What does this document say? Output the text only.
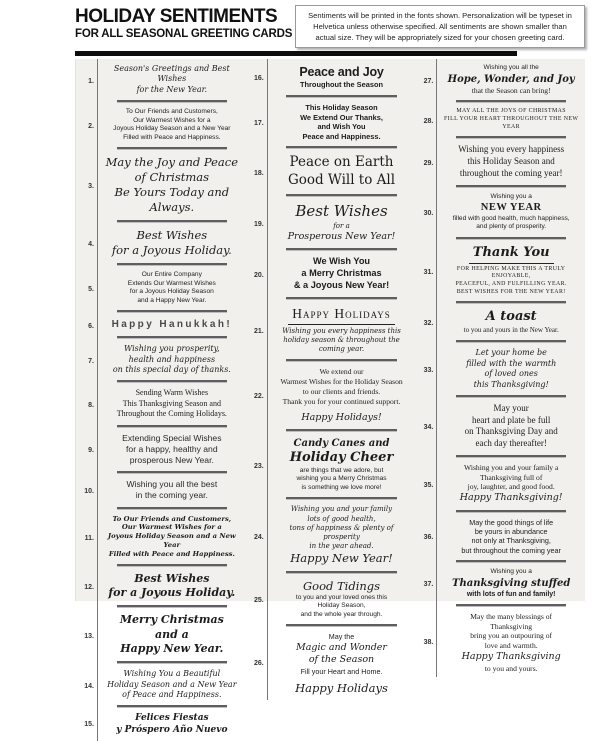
HOLIDAY SENTIMENTS
FOR ALL SEASONAL GREETING CARDS

Sentiments will be printed in the fonts shown. Personalization will be typeset in Helvetica unless otherwise specified. All sentiments are shown smaller than actual size. They will be appropriately sized for your chosen greeting card.

1.
Season's Greetings and Best Wishes
for the New Year.
2.
To Our Friends and Customers,
Our Warmest Wishes for a
Joyous Holiday Season and a New Year
Filled with Peace and Happiness.
3.
May the Joy and Peace
of Christmas
Be Yours Today and Always.
4.
Best Wishes
for a Joyous Holiday.
5.
Our Entire Company
Extends Our Warmest Wishes
for a Joyous Holiday Season
and a Happy New Year.
6.	Happy Hanukkah!
7.
Wishing you prosperity,
health and happiness
on this special day of thanks.
8.
Sending Warm Wishes
This Thanksgiving Season and
Throughout the Coming Holidays.
9.
Extending Special Wishes
for a happy, healthy and
prosperous New Year.
10.
Wishing you all the best
in the coming year.
11.
To Our Friends and Customers,
Our Warmest Wishes for a
Joyous Holiday Season and a New Year
Filled with Peace and Happiness.
12.
Best Wishes
for a Joyous Holiday.
13.
Merry Christmas
and a
Happy New Year.
14.
Wishing You a Beautiful
Holiday Season and a New Year
of Peace and Happiness.
15.
Felices Fiestas
y Próspero Año Nuevo
16.	Peace and Joy
Throughout the Season
17.
This Holiday Season
We Extend Our Thanks,
and Wish You
Peace and Happiness.
18.
Peace on Earth
Good Will to All
19.
Best Wishes
for a
Prosperous New Year!
20.
We Wish You
a Merry Christmas
& a Joyous New Year!
21.
Happy Holidays
Wishing you every happiness this
holiday season & throughout the coming year.
22.
We extend our
Warmest Wishes for the Holiday Season
to our clients and friends.
Thank you for your continued support.
Happy Holidays!
23.
Candy Canes and
Holiday Cheer
are things that we adore, but
wishing you a Merry Christmas
is something we love more!
24.
Wishing you and your family
lots of good health,
tons of happiness & plenty of prosperity
in the year ahead.
Happy New Year!
25.
Good Tidings
to you and your loved ones this
Holiday Season,
and the whole year through.
26.
May the
Magic and Wonder
of the Season
Fill your Heart and Home.
Happy Holidays
27.
Wishing you all the
Hope, Wonder, and Joy
that the Season can bring!
28.
MAY ALL THE JOYS OF CHRISTMAS
FILL YOUR HEART THROUGHOUT THE NEW YEAR
29.
Wishing you every happiness
this Holiday Season and
throughout the coming year!
30.
Wishing you a
NEW YEAR
filled with good health, much happiness,
and plenty of prosperity.
31.
Thank You
FOR HELPING MAKE THIS A TRULY ENJOYABLE,
PEACEFUL, AND FULFILLING YEAR.
BEST WISHES FOR THE NEW YEAR!
32.	A toast
to you and yours in the New Year.
33.
Let your home be
filled with the warmth
of loved ones
this Thanksgiving!
34.
May your
heart and plate be full
on Thanksgiving Day and
each day thereafter!
35.
Wishing you and your family a
Thanksgiving full of
joy, laughter, and good food.
Happy Thanksgiving!
36.
May the good things of life
be yours in abundance
not only at Thanksgiving,
but throughout the coming year
37.
Wishing you a
Thanksgiving stuffed
with lots of fun and family!
38.
May the many blessings of
Thanksgiving
bring you an outpouring of
love and warmth.
Happy Thanksgiving
to you and yours.
